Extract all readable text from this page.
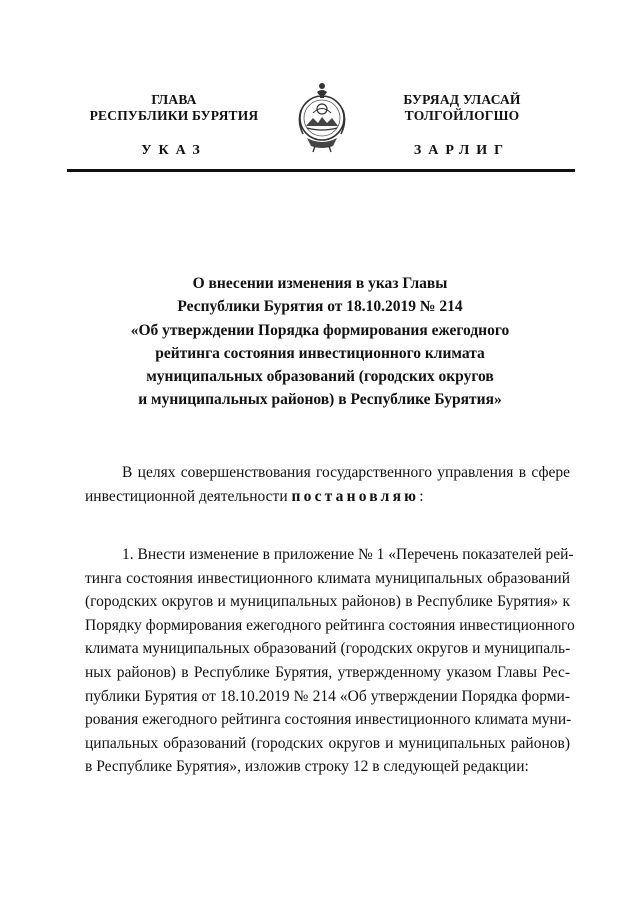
ГЛАВА
РЕСПУБЛИКИ БУРЯТИЯ
УКАЗ
БУРЯАД УЛАСАЙ
ТОЛГОЙЛОГШО
ЗАРЛИГ
О внесении изменения в указ Главы
Республики Бурятия от 18.10.2019 № 214
«Об утверждении Порядка формирования ежегодного
рейтинга состояния инвестиционного климата
муниципальных образований (городских округов
и муниципальных районов) в Республике Бурятия»
В целях совершенствования государственного управления в сфере
инвестиционной деятельности постановляю:
1. Внести изменение в приложение № 1 «Перечень показателей рей-
тинга состояния инвестиционного климата муниципальных образований
(городских округов и муниципальных районов) в Республике Бурятия» к
Порядку формирования ежегодного рейтинга состояния инвестиционного
климата муниципальных образований (городских округов и муниципаль-
ных районов) в Республике Бурятия, утвержденному указом Главы Рес-
публики Бурятия от 18.10.2019 № 214 «Об утверждении Порядка форми-
рования ежегодного рейтинга состояния инвестиционного климата муни-
ципальных образований (городских округов и муниципальных районов)
в Республике Бурятия», изложив строку 12 в следующей редакции:
